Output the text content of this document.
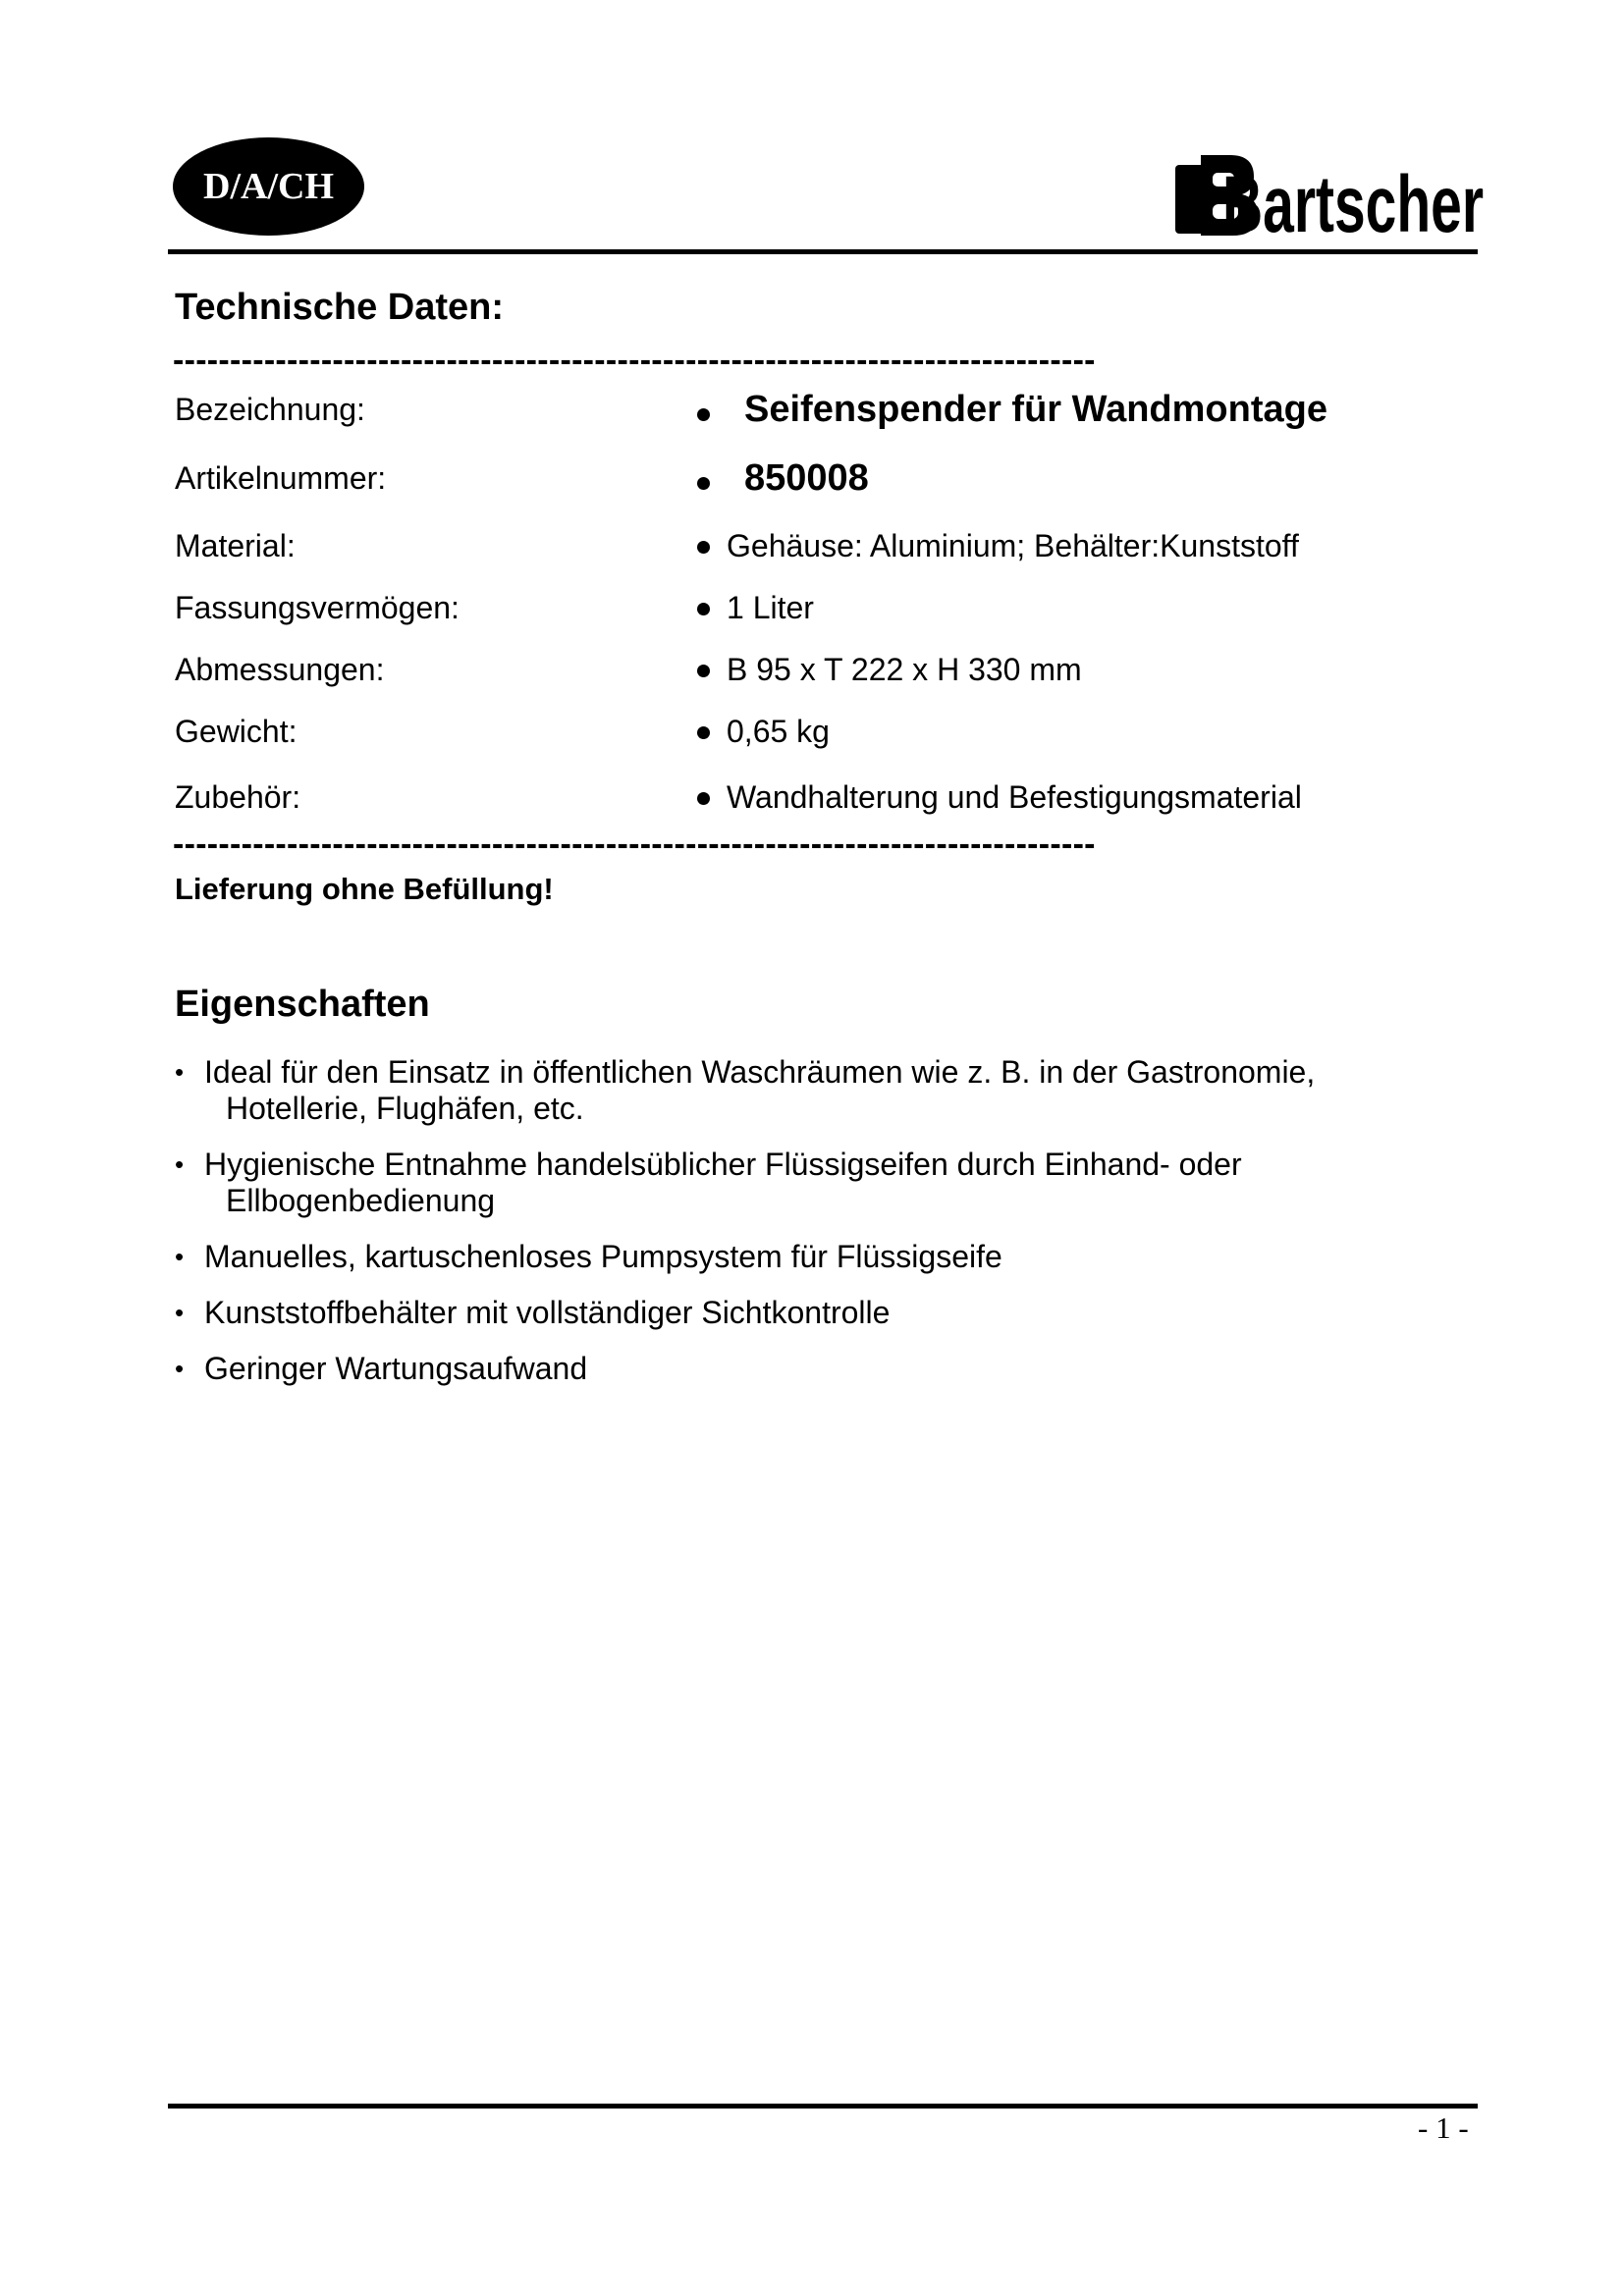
D/A/CH	Bartscher
Technische Daten:
---------------------------------------------------------------------------------
Bezeichnung:	Seifenspender für Wandmontage
Artikelnummer:	850008
Material:	Gehäuse: Aluminium; Behälter:Kunststoff
Fassungsvermögen:	1 Liter
Abmessungen:	B 95 x T 222 x H 330 mm
Gewicht:	0,65 kg
Zubehör:	Wandhalterung und Befestigungsmaterial
---------------------------------------------------------------------------------
Lieferung ohne Befüllung!
Eigenschaften
• Ideal für den Einsatz in öffentlichen Waschräumen wie z. B. in der Gastronomie,
Hotellerie, Flughäfen, etc.
• Hygienische Entnahme handelsüblicher Flüssigseifen durch Einhand- oder
Ellbogenbedienung
• Manuelles, kartuschenloses Pumpsystem für Flüssigseife
• Kunststoffbehälter mit vollständiger Sichtkontrolle
• Geringer Wartungsaufwand
- 1 -
